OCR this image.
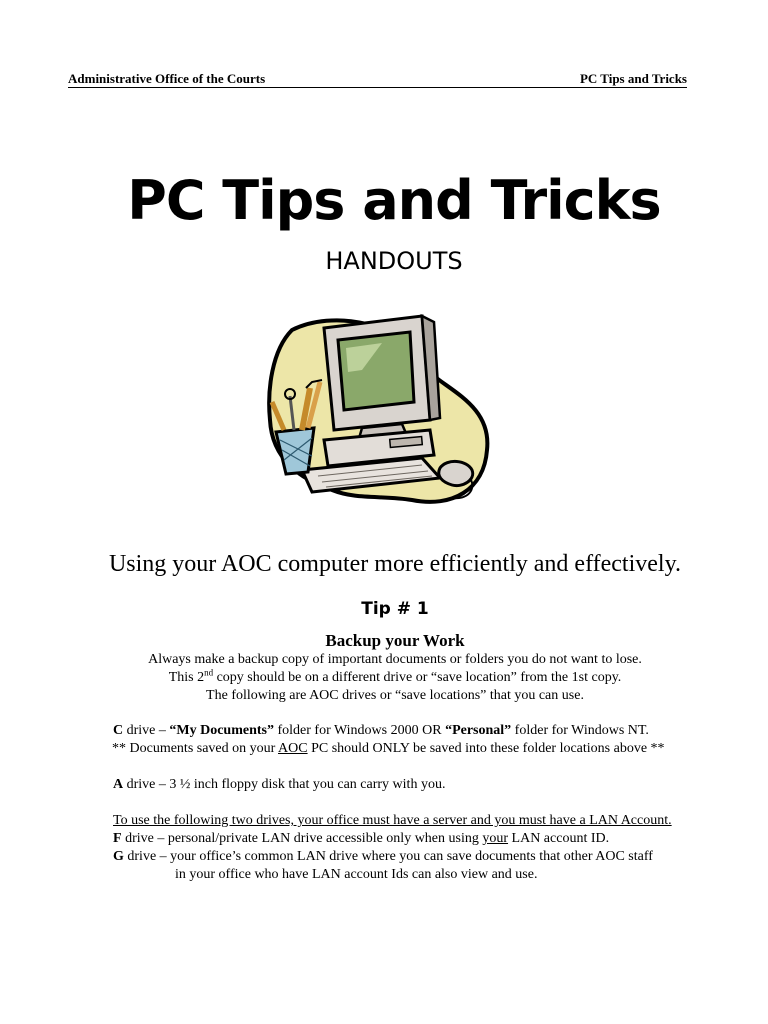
Administrative Office of the Courts	PC Tips and Tricks
PC Tips and Tricks
HANDOUTS
Using your AOC computer more efficiently and effectively.
Tip # 1
Backup your Work
Always make a backup copy of important documents or folders you do not want to lose.
This 2nd copy should be on a different drive or “save location” from the 1st copy.
The following are AOC drives or “save locations” that you can use.

C drive – “My Documents” folder for Windows 2000 OR “Personal” folder for Windows NT.

** Documents saved on your AOC PC should ONLY be saved into these folder locations above **

A drive – 3 ½ inch floppy disk that you can carry with you.

To use the following two drives, your office must have a server and you must have a LAN Account.

F drive – personal/private LAN drive accessible only when using your LAN account ID.

G drive – your office’s common LAN drive where you can save documents that other AOC staff

in your office who have LAN account Ids can also view and use.
